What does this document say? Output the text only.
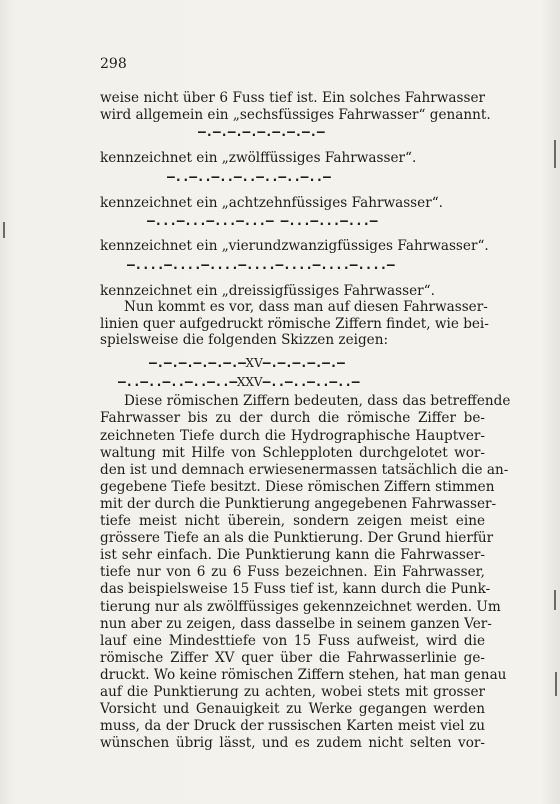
298
weise nicht über 6 Fuss tief ist. Ein solches Fahrwasser
wird allgemein ein „sechsfüssiges Fahrwasser“ genannt.
—.—.—.—.—.—.—.—.—
kennzeichnet ein „zwölffüssiges Fahrwasser“.
—..—..—..—..—..—..—..—
kennzeichnet ein „achtzehnfüssiges Fahrwasser“.
—...—...—...—...— —...—...—...—
kennzeichnet ein „vierundzwanzigfüssiges Fahrwasser“.
—....—....—....—....—....—....—....—
kennzeichnet ein „dreissigfüssiges Fahrwasser“.
Nun kommt es vor, dass man auf diesen Fahrwasser-
linien quer aufgedruckt römische Ziffern findet, wie bei-
spielsweise die folgenden Skizzen zeigen:
—.—.—.—.—.—.—XV—.—.—.—.—.—
—..—..—..—..—..—XXV—..—..—..—..—
Diese römischen Ziffern bedeuten, dass das betreffende
Fahrwasser bis zu der durch die römische Ziffer be-
zeichneten Tiefe durch die Hydrographische Hauptver-
waltung mit Hilfe von Schlepploten durchgelotet wor-
den ist und demnach erwiesenermassen tatsächlich die an-
gegebene Tiefe besitzt. Diese römischen Ziffern stimmen
mit der durch die Punktierung angegebenen Fahrwasser-
tiefe meist nicht überein, sondern zeigen meist eine
grössere Tiefe an als die Punktierung. Der Grund hierfür
ist sehr einfach. Die Punktierung kann die Fahrwasser-
tiefe nur von 6 zu 6 Fuss bezeichnen. Ein Fahrwasser,
das beispielsweise 15 Fuss tief ist, kann durch die Punk-
tierung nur als zwölffüssiges gekennzeichnet werden. Um
nun aber zu zeigen, dass dasselbe in seinem ganzen Ver-
lauf eine Mindesttiefe von 15 Fuss aufweist, wird die
römische Ziffer XV quer über die Fahrwasserlinie ge-
druckt. Wo keine römischen Ziffern stehen, hat man genau
auf die Punktierung zu achten, wobei stets mit grosser
Vorsicht und Genauigkeit zu Werke gegangen werden
muss, da der Druck der russischen Karten meist viel zu
wünschen übrig lässt, und es zudem nicht selten vor-
